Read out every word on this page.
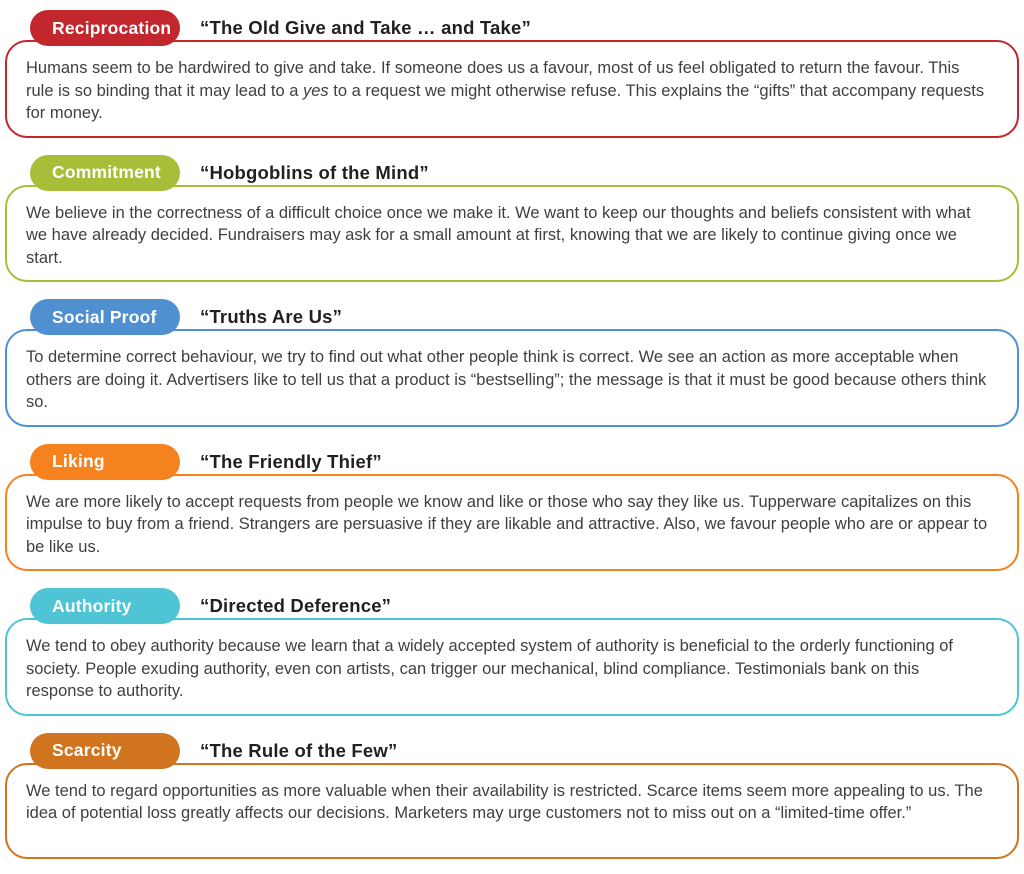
Reciprocation	“The Old Give and Take … and Take”

Humans seem to be hardwired to give and take. If someone does us a favour, most of us feel obligated to return the favour. This rule is so binding that it may lead to a yes to a request we might otherwise refuse. This explains the “gifts” that accompany requests for money.

Commitment	“Hobgoblins of the Mind”

We believe in the correctness of a difficult choice once we make it. We want to keep our thoughts and beliefs consistent with what we have already decided. Fundraisers may ask for a small amount at first, knowing that we are likely to continue giving once we start.

Social Proof	“Truths Are Us”

To determine correct behaviour, we try to find out what other people think is correct. We see an action as more acceptable when others are doing it. Advertisers like to tell us that a product is “bestselling”; the message is that it must be good because others think so.

Liking	“The Friendly Thief”

We are more likely to accept requests from people we know and like or those who say they like us. Tupperware capitalizes on this impulse to buy from a friend. Strangers are persuasive if they are likable and attractive. Also, we favour people who are or appear to be like us.

Authority	“Directed Deference”

We tend to obey authority because we learn that a widely accepted system of authority is beneficial to the orderly functioning of society. People exuding authority, even con artists, can trigger our mechanical, blind compliance. Testimonials bank on this response to authority.

Scarcity	“The Rule of the Few”

We tend to regard opportunities as more valuable when their availability is restricted. Scarce items seem more appealing to us. The idea of potential loss greatly affects our decisions. Marketers may urge customers not to miss out on a “limited-time offer.”
